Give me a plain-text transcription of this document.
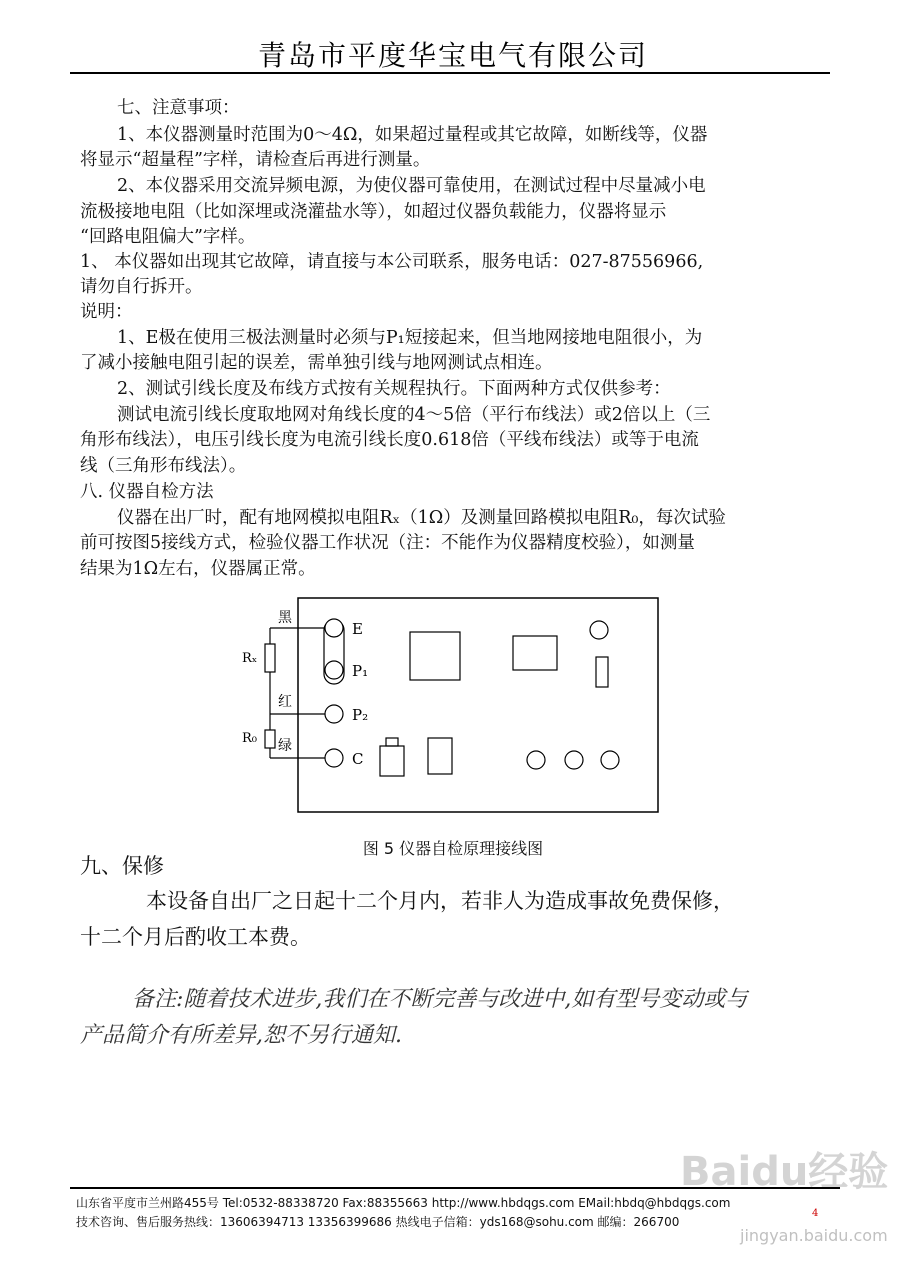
青岛市平度华宝电气有限公司
七、注意事项：
1、本仪器测量时范围为0～4Ω，如果超过量程或其它故障，如断线等，仪器
将显示“超量程”字样，请检查后再进行测量。
2、本仪器采用交流异频电源，为使仪器可靠使用，在测试过程中尽量减小电
流极接地电阻（比如深埋或浇灌盐水等），如超过仪器负载能力，仪器将显示
“回路电阻偏大”字样。
1、 本仪器如出现其它故障，请直接与本公司联系，服务电话：027-87556966,
请勿自行拆开。
说明：
1、E极在使用三极法测量时必须与P₁短接起来，但当地网接地电阻很小，为
了减小接触电阻引起的误差，需单独引线与地网测试点相连。
2、测试引线长度及布线方式按有关规程执行。下面两种方式仅供参考：
测试电流引线长度取地网对角线长度的4～5倍（平行布线法）或2倍以上（三
角形布线法），电压引线长度为电流引线长度0.618倍（平线布线法）或等于电流
线（三角形布线法）。
八. 仪器自检方法
仪器在出厂时，配有地网模拟电阻Rₓ（1Ω）及测量回路模拟电阻R₀，每次试验
前可按图5接线方式，检验仪器工作状况（注：不能作为仪器精度校验），如测量
结果为1Ω左右，仪器属正常。
E
P₁
P₂
C
黑
红
绿
Rₓ
R₀
图 5 仪器自检原理接线图
九、保修
本设备自出厂之日起十二个月内，若非人为造成事故免费保修，
十二个月后酌收工本费。
备注:随着技术进步,我们在不断完善与改进中,如有型号变动或与
产品简介有所差异,恕不另行通知.
山东省平度市兰州路455号 Tel:0532-88338720 Fax:88355663 http://www.hbdqgs.com EMail:hbdq@hbdqgs.com
技术咨询、售后服务热线：13606394713 13356399686 热线电子信箱：yds168@sohu.com 邮编：266700
4
Baidu经验
jingyan.baidu.com
